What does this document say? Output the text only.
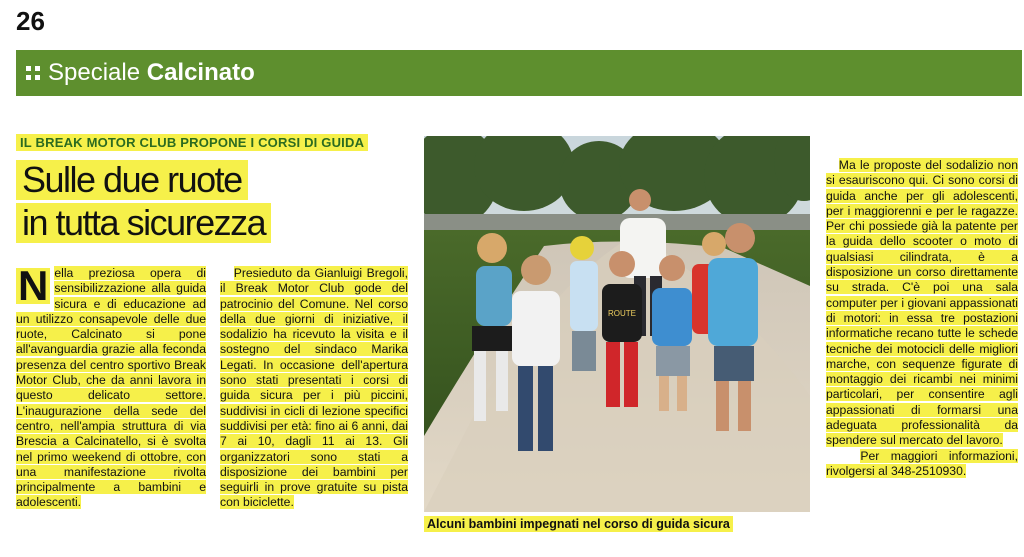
26
Speciale Calcinato
IL BREAK MOTOR CLUB PROPONE I CORSI DI GUIDA
Sulle due ruote
in tutta sicurezza
N ella preziosa opera di sensibilizzazione alla guida sicura e di educazione ad un utilizzo consapevole delle due ruote, Calcinato si pone all'avanguardia grazie alla feconda presenza del centro sportivo Break Motor Club, che da anni lavora in questo delicato settore. L'inaugurazione della sede del centro, nell'ampia struttura di via Brescia a Calcinatello, si è svolta nel primo weekend di ottobre, con una manifestazione rivolta principalmente a bambini e adolescenti.

Presieduto da Gianluigi Bregoli, il Break Motor Club gode del patrocinio del Comune. Nel corso della due giorni di iniziative, il sodalizio ha ricevuto la visita e il sostegno del sindaco Marika Legati. In occasione dell'apertura sono stati presentati i corsi di guida sicura per i più piccini, suddivisi in cicli di lezione specifici suddivisi per età: fino ai 6 anni, dai 7 ai 10, dagli 11 ai 13. Gli organizzatori sono stati a disposizione dei bambini per seguirli in prove gratuite su pista con biciclette.

ROUTE
Alcuni bambini impegnati nel corso di guida sicura

Ma le proposte del sodalizio non si esauriscono qui. Ci sono corsi di guida anche per gli adolescenti, per i maggiorenni e per le ragazze. Per chi possiede già la patente per la guida dello scooter o moto di qualsiasi cilindrata, è a disposizione un corso direttamente su strada. C'è poi una sala computer per i giovani appassionati di motori: in essa tre postazioni informatiche recano tutte le schede tecniche dei motocicli delle migliori marche, con sequenze figurate di montaggio dei ricambi nei minimi particolari, per consentire agli appassionati di formarsi una adeguata professionalità da spendere sul mercato del lavoro.

Per maggiori informazioni, rivolgersi al 348-2510930.
